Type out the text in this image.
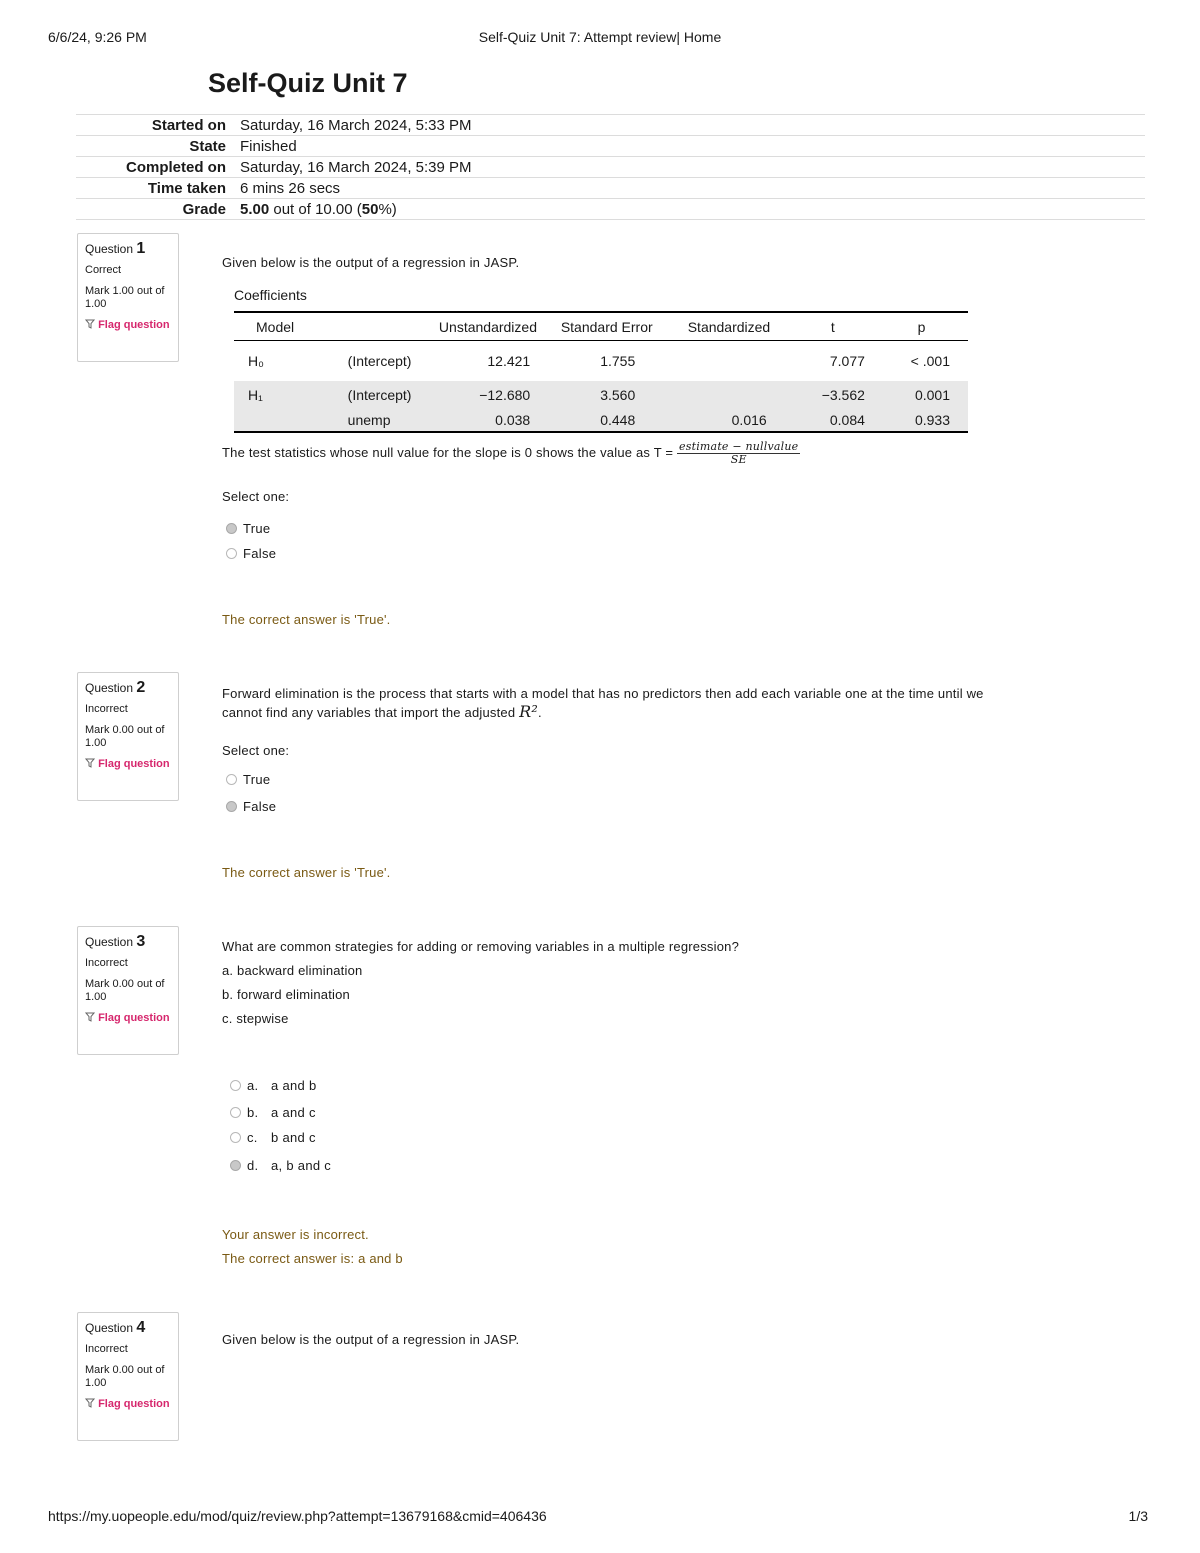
6/6/24, 9:26 PM	Self-Quiz Unit 7: Attempt review| Home
Self-Quiz Unit 7
Started on	Saturday, 16 March 2024, 5:33 PM
State	Finished
Completed on	Saturday, 16 March 2024, 5:39 PM
Time taken	6 mins 26 secs
Grade	5.00 out of 10.00 (50%)
Question 1
Correct
Mark 1.00 out of 1.00
Flag question
Given below is the output of a regression in JASP.
Coefficients
Model		Unstandardized	Standard Error	Standardized	t	p
H₀	(Intercept)	12.421	1.755		7.077	< .001
H₁	(Intercept)	−12.680	3.560		−3.562	0.001
	unemp	0.038	0.448	0.016	0.084	0.933
The test statistics whose null value for the slope is 0 shows the value as T = estimate − nullvalue
SE
Select one:
True
False
The correct answer is 'True'.
Question 2
Incorrect
Mark 0.00 out of 1.00
Flag question
Forward elimination is the process that starts with a model that has no predictors then add each variable one at the time until we
cannot find any variables that import the adjusted R².
Select one:
True
False
The correct answer is 'True'.
Question 3
Incorrect
Mark 0.00 out of 1.00
Flag question
What are common strategies for adding or removing variables in a multiple regression?
a. backward elimination
b. forward elimination
c. stepwise
a. a and b
b. a and c
c.	b and c
d. a, b and c
Your answer is incorrect.
The correct answer is: a and b
Question 4
Incorrect
Mark 0.00 out of 1.00
Flag question
Given below is the output of a regression in JASP.
https://my.uopeople.edu/mod/quiz/review.php?attempt=13679168&cmid=406436	1/3
